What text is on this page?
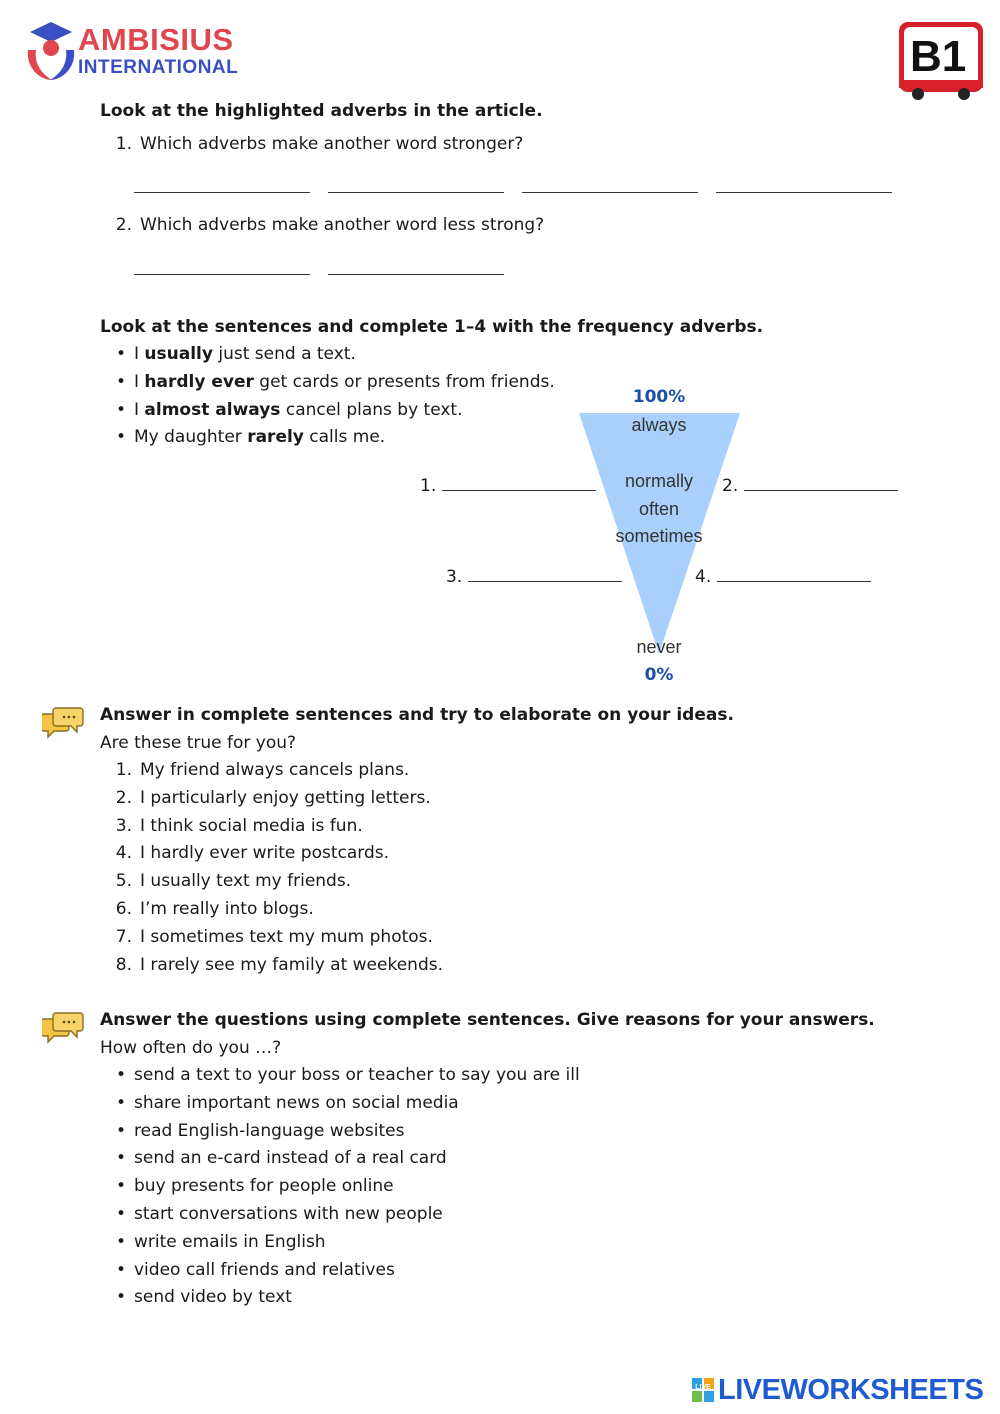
AMBISIUS
INTERNATIONAL	B1
Look at the highlighted adverbs in the article.
1. Which adverbs make another word stronger?
2. Which adverbs make another word less strong?
Look at the sentences and complete 1–4 with the frequency adverbs.
• I usually just send a text.
• I hardly ever get cards or presents from friends.
• I almost always cancel plans by text.
• My daughter rarely calls me.
100%
always
normally
often
sometimes
never
0%
1.	2.
3.	4.
Answer in complete sentences and try to elaborate on your ideas.
Are these true for you?
1. My friend always cancels plans.
2. I particularly enjoy getting letters.
3. I think social media is fun.
4. I hardly ever write postcards.
5. I usually text my friends.
6. I’m really into blogs.
7. I sometimes text my mum photos.
8. I rarely see my family at weekends.
Answer the questions using complete sentences. Give reasons for your answers.
How often do you …?
• send a text to your boss or teacher to say you are ill
• share important news on social media
• read English-language websites
• send an e-card instead of a real card
• buy presents for people online
• start conversations with new people
• write emails in English
• video call friends and relatives
• send video by text
LIVE LIVEWORKSHEETS
